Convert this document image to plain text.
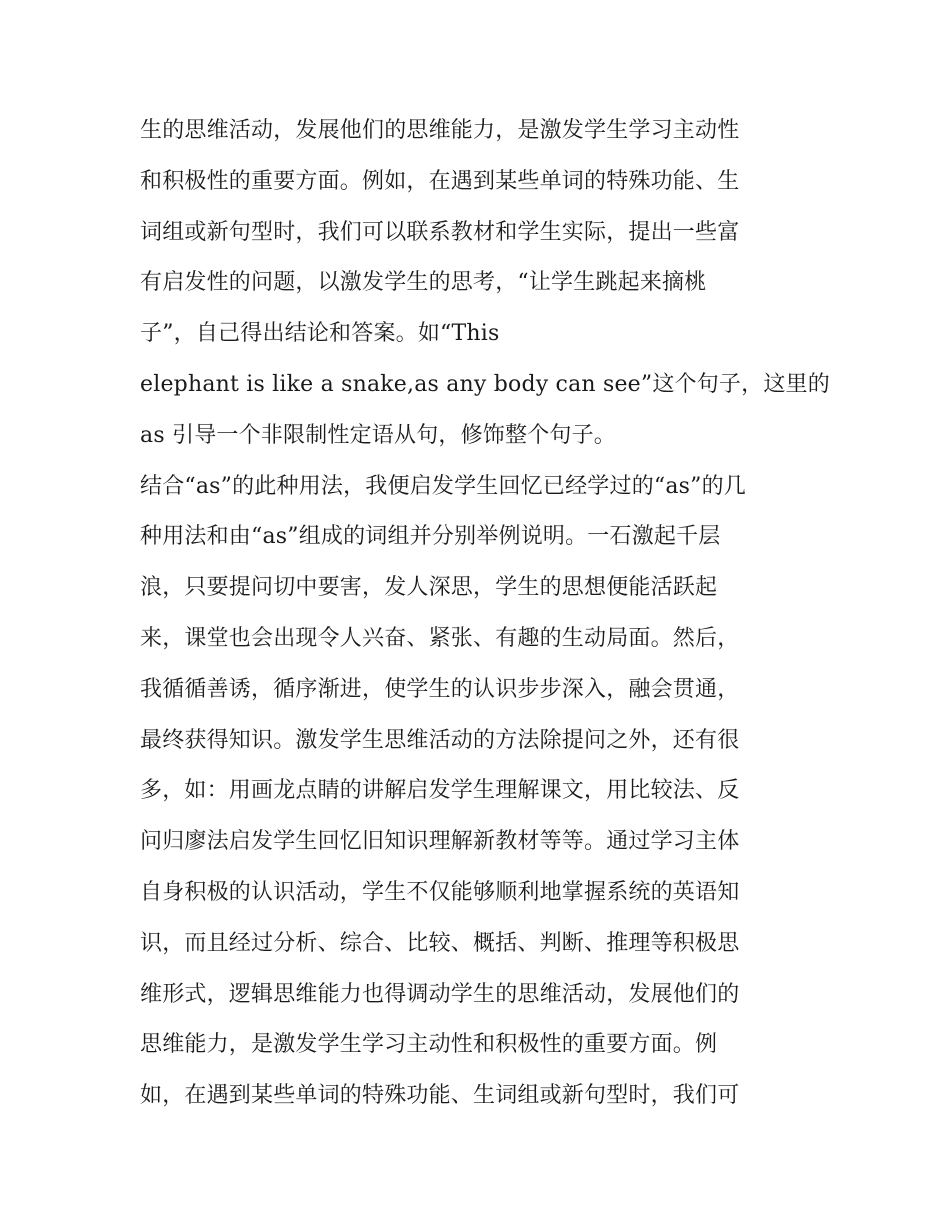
生的思维活动，发展他们的思维能力，是激发学生学习主动性
和积极性的重要方面。例如，在遇到某些单词的特殊功能、生
词组或新句型时，我们可以联系教材和学生实际，提出一些富
有启发性的问题，以激发学生的思考，“让学生跳起来摘桃
子”，自己得出结论和答案。如“This
elephant is like a snake,as any body can see”这个句子，这里的
as 引导一个非限制性定语从句，修饰整个句子。
结合“as”的此种用法，我便启发学生回忆已经学过的“as”的几
种用法和由“as”组成的词组并分别举例说明。一石激起千层
浪，只要提问切中要害，发人深思，学生的思想便能活跃起
来，课堂也会出现令人兴奋、紧张、有趣的生动局面。然后，
我循循善诱，循序渐进，使学生的认识步步深入，融会贯通，
最终获得知识。激发学生思维活动的方法除提问之外，还有很
多，如：用画龙点睛的讲解启发学生理解课文，用比较法、反
问归廖法启发学生回忆旧知识理解新教材等等。通过学习主体
自身积极的认识活动，学生不仅能够顺利地掌握系统的英语知
识，而且经过分析、综合、比较、概括、判断、推理等积极思
维形式，逻辑思维能力也得调动学生的思维活动，发展他们的
思维能力，是激发学生学习主动性和积极性的重要方面。例
如，在遇到某些单词的特殊功能、生词组或新句型时，我们可
